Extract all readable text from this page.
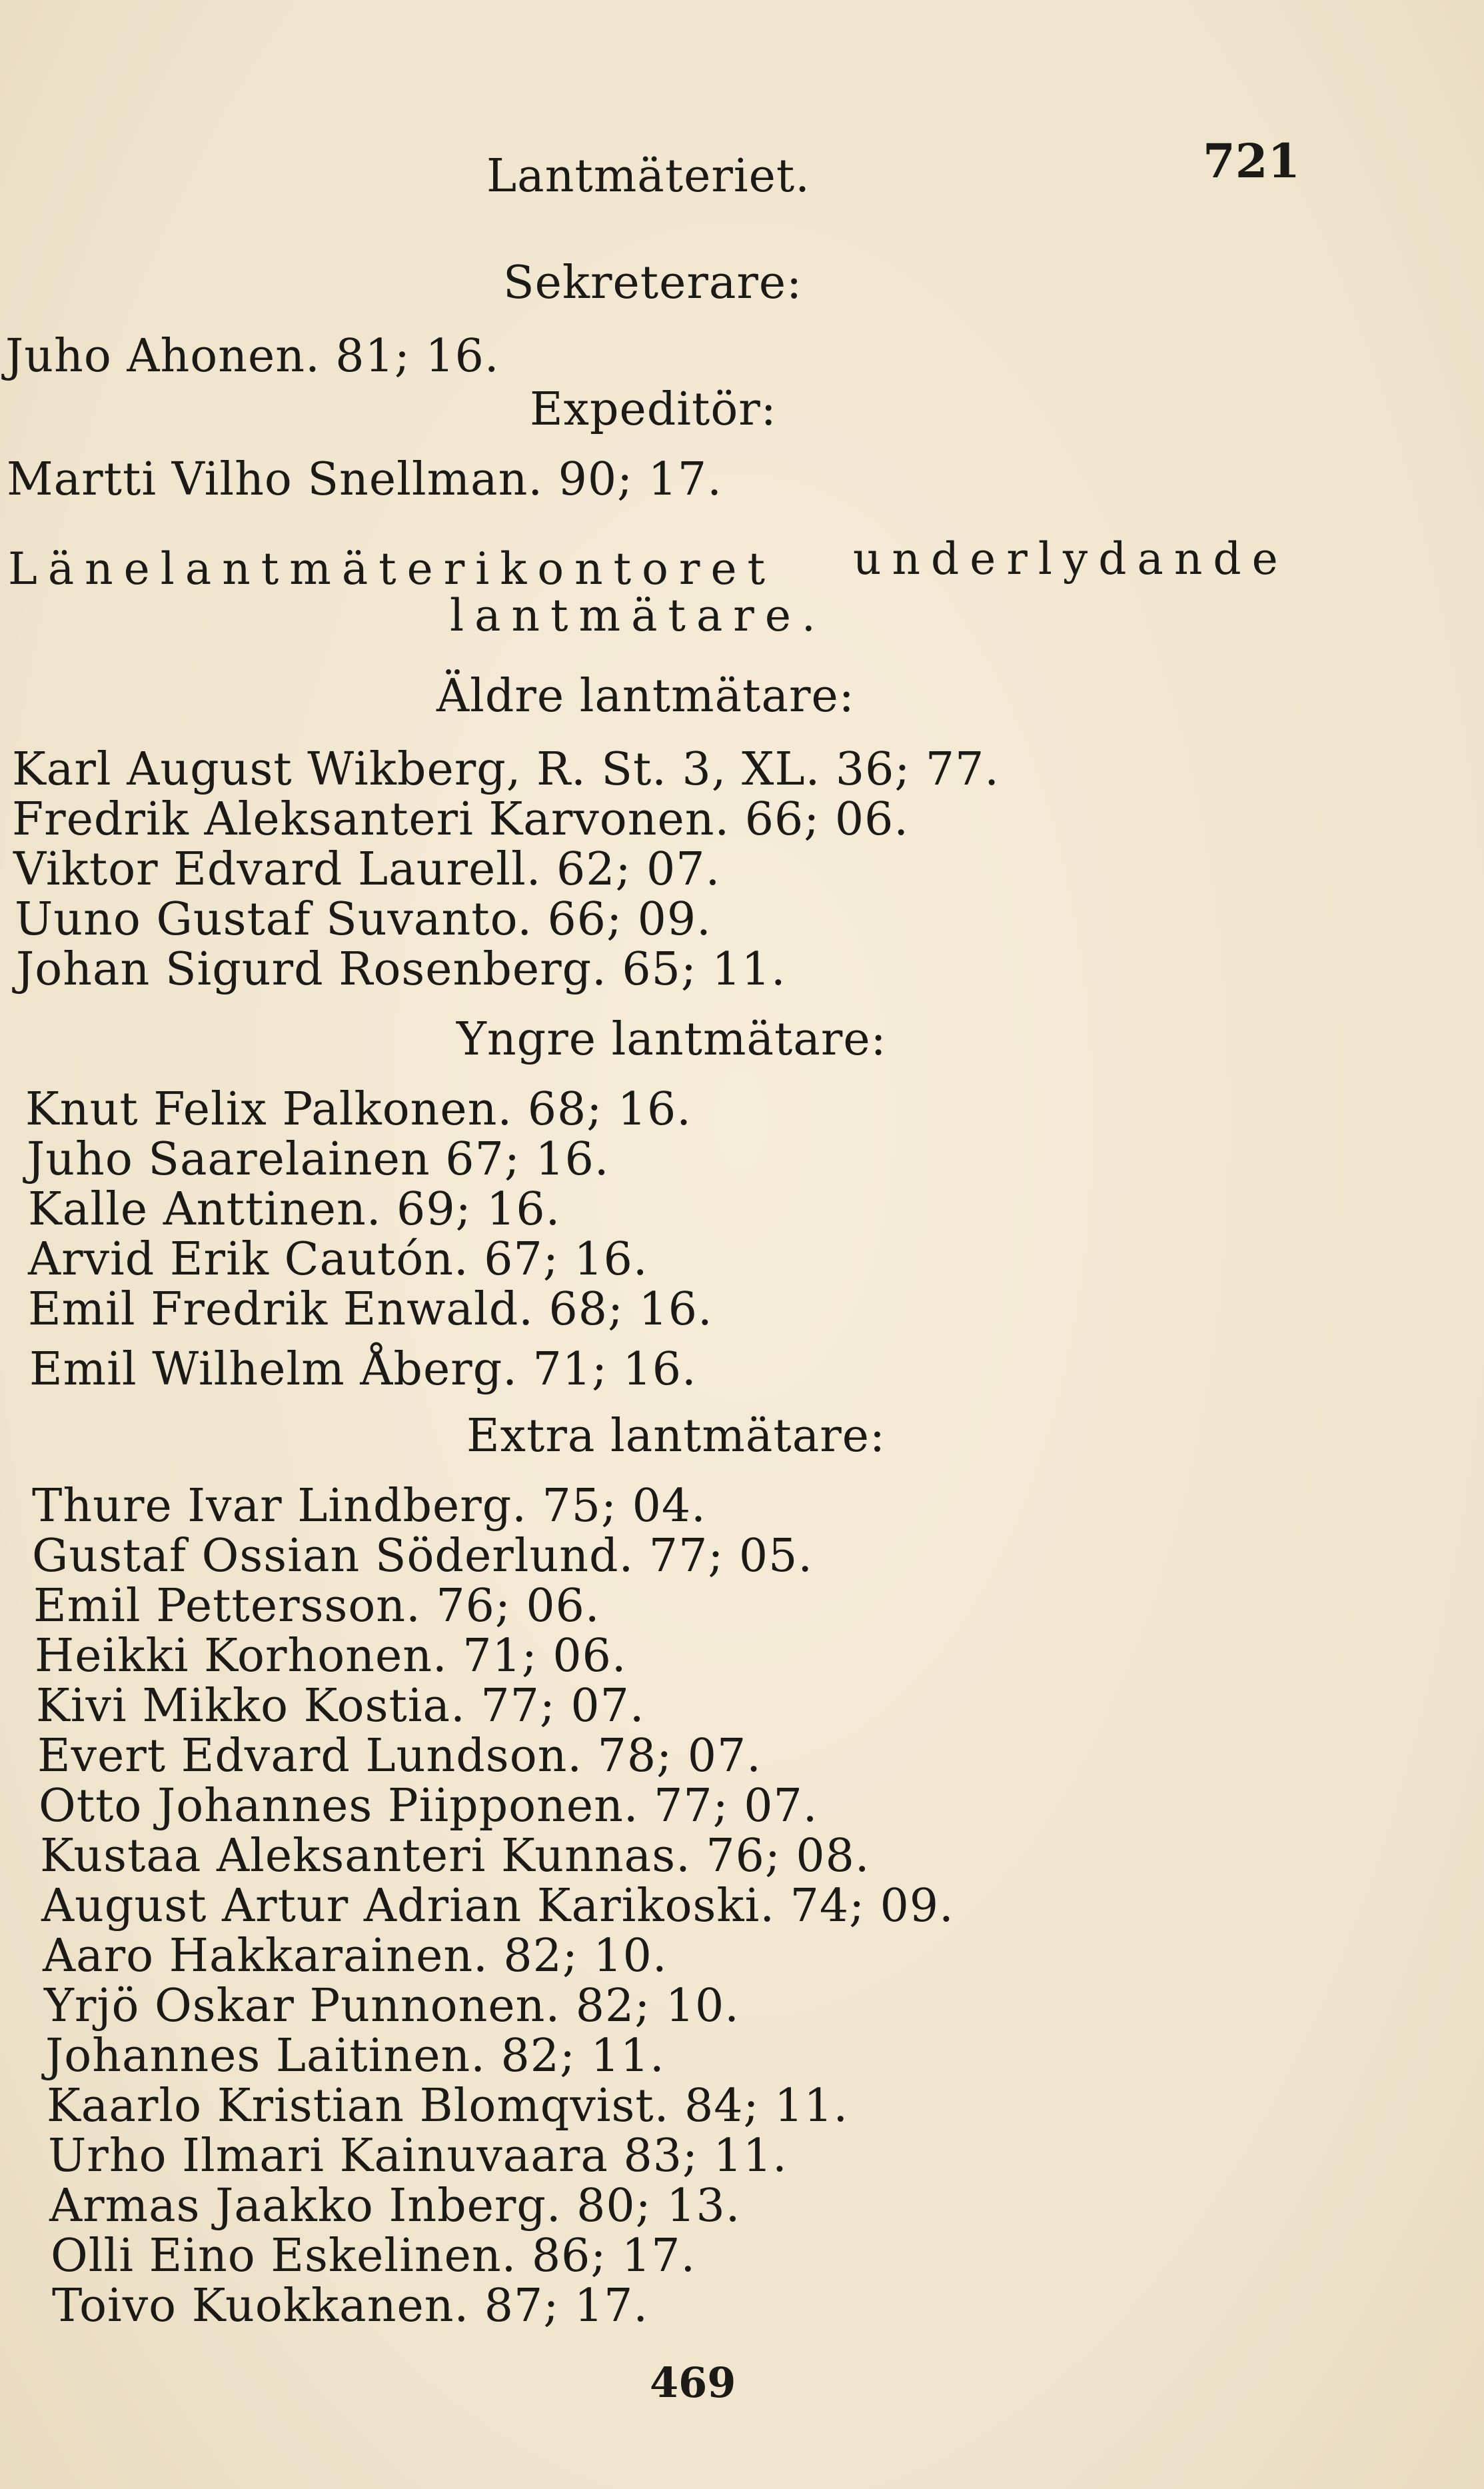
Lantmäteriet.	721
Sekreterare:
Juho Ahonen. 81; 16.
Expeditör:
Martti Vilho Snellman. 90; 17.
Länelantmäterikontoret underlydande
lantmätare.
Äldre lantmätare:
Karl August Wikberg, R. St. 3, XL. 36; 77.
Fredrik Aleksanteri Karvonen. 66; 06.
Viktor Edvard Laurell. 62; 07.
Uuno Gustaf Suvanto. 66; 09.
Johan Sigurd Rosenberg. 65; 11.
Yngre lantmätare:
Knut Felix Palkonen. 68; 16.
Juho Saarelainen 67; 16.
Kalle Anttinen. 69; 16.
Arvid Erik Cautón. 67; 16.
Emil Fredrik Enwald. 68; 16.
Emil Wilhelm Åberg. 71; 16.
Extra lantmätare:
Thure Ivar Lindberg. 75; 04.
Gustaf Ossian Söderlund. 77; 05.
Emil Pettersson. 76; 06.
Heikki Korhonen. 71; 06.
Kivi Mikko Kostia. 77; 07.
Evert Edvard Lundson. 78; 07.
Otto Johannes Piipponen. 77; 07.
Kustaa Aleksanteri Kunnas. 76; 08.
August Artur Adrian Karikoski. 74; 09.
Aaro Hakkarainen. 82; 10.
Yrjö Oskar Punnonen. 82; 10.
Johannes Laitinen. 82; 11.
Kaarlo Kristian Blomqvist. 84; 11.
Urho Ilmari Kainuvaara 83; 11.
Armas Jaakko Inberg. 80; 13.
Olli Eino Eskelinen. 86; 17.
Toivo Kuokkanen. 87; 17.
469
